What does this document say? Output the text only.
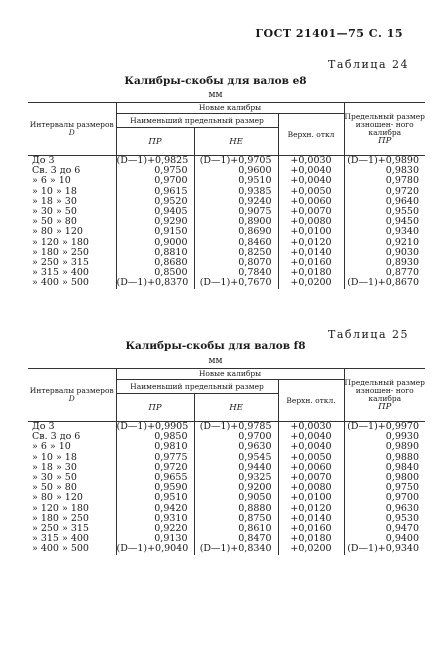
ГОСТ 21401—75 С. 15
Таблица 24
Калибры-скобы для валов е8
мм
Интервалы размеров
D	Новые калибры			Предельный размер изношен- ного калибра
ПР
	Наименьший предельный размер		Верхн. откл	
	ПР	НЕ		
До 3	(D—1)+0,9825	(D—1)+0,9705	+0,0030	(D—1)+0,9890
Св. 3 до 6	0,9750	0,9600	+0,0040	0,9830
» 6 » 10	0,9700	0,9510	+0,0040	0,9780
» 10 » 18	0,9615	0,9385	+0,0050	0,9720
» 18 » 30	0,9520	0,9240	+0,0060	0,9640
» 30 » 50	0,9405	0,9075	+0,0070	0,9550
» 50 » 80	0,9290	0,8900	+0,0080	0,9450
» 80 » 120	0,9150	0,8690	+0,0100	0,9340
» 120 » 180	0,9000	0,8460	+0,0120	0,9210
» 180 » 250	0,8810	0,8250	+0,0140	0,9030
» 250 » 315	0,8680	0,8070	+0,0160	0,8930
» 315 » 400	0,8500	0,7840	+0,0180	0,8770
» 400 » 500	(D—1)+0,8370	(D—1)+0,7670	+0,0200	(D—1)+0,8670
Таблица 25
Калибры-скобы для валов f8
мм
Интервалы размеров
D	Новые калибры			Предельный размер изношен- ного калибра
ПР
	Наименьший предельный размер		Верхн. откл.	
	ПР	НЕ		
До 3	(D—1)+0,9905	(D—1)+0,9785	+0,0030	(D—1)+0,9970
Св. 3 до 6	0,9850	0,9700	+0,0040	0,9930
» 6 » 10	0,9810	0,9630	+0,0040	0,9890
» 10 » 18	0,9775	0,9545	+0,0050	0,9880
» 18 » 30	0,9720	0,9440	+0,0060	0,9840
» 30 » 50	0,9655	0,9325	+0,0070	0,9800
» 50 » 80	0,9590	0,9200	+0,0080	0,9750
» 80 » 120	0,9510	0,9050	+0,0100	0,9700
» 120 » 180	0,9420	0,8880	+0,0120	0,9630
» 180 » 250	0,9310	0,8750	+0,0140	0,9530
» 250 » 315	0,9220	0,8610	+0,0160	0,9470
» 315 » 400	0,9130	0,8470	+0,0180	0,9400
» 400 » 500	(D—1)+0,9040	(D—1)+0,8340	+0,0200	(D—1)+0,9340
